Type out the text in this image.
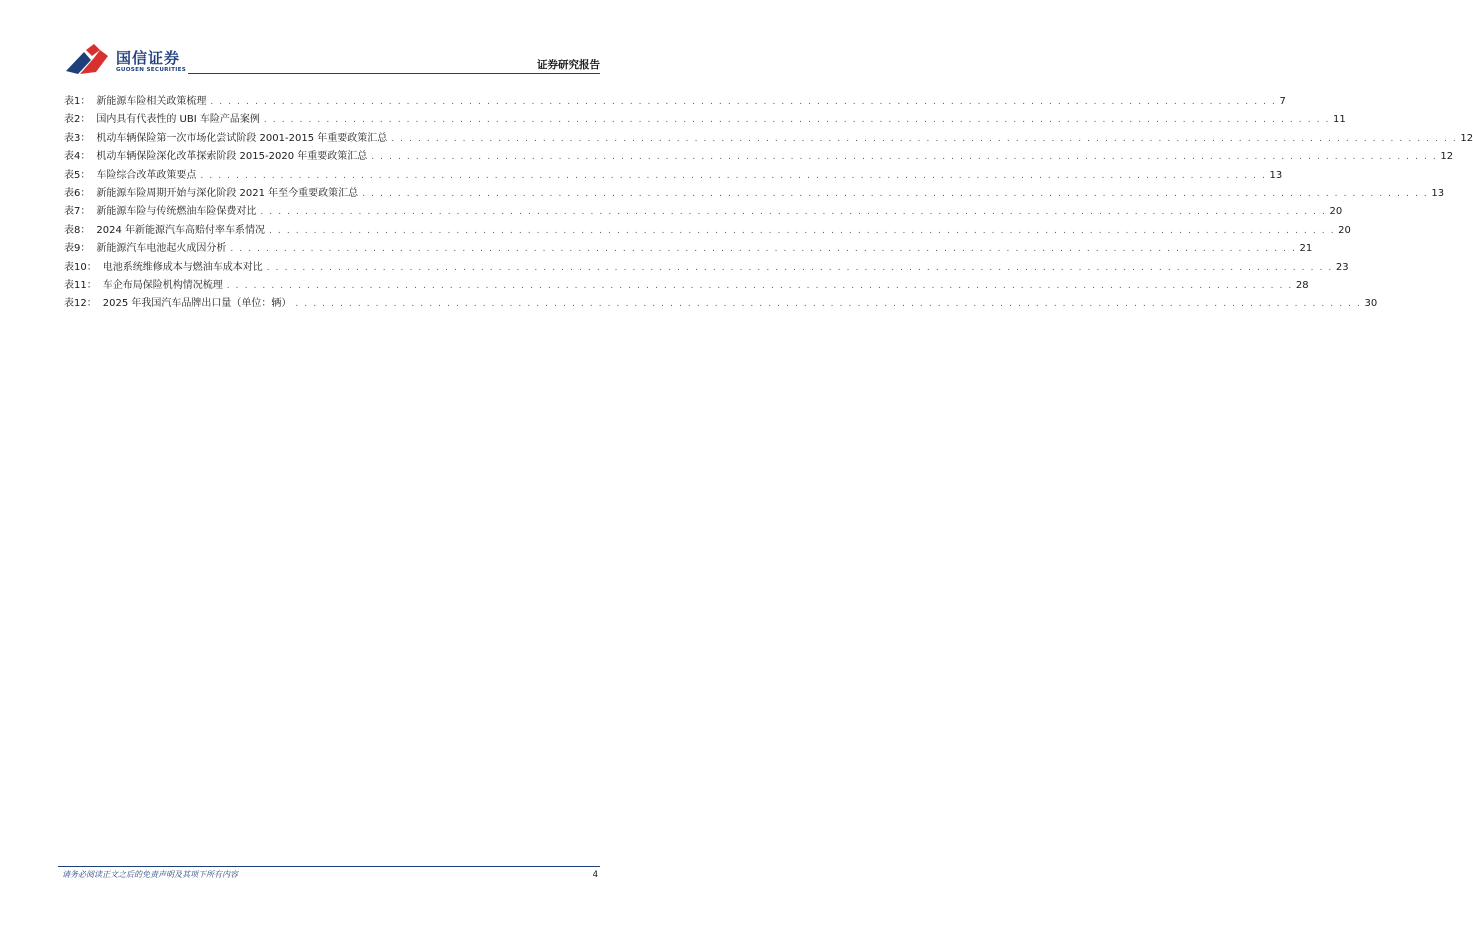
国信证券
GUOSEN SECURITIES	证券研究报告
表1： 新能源车险相关政策梳理 . . . . . . . . . . . . . . . . . . . . . . . . . . . . . . . . . . . . . . . . . . . . . . . . . . . . . . . . . . . . . . . . . . . . . . . . . . . . . . . . . . . . . . . . . . . . . . . . . . . . . . . . . . . . . . . . . . . . . . . . 7
表2： 国内具有代表性的 UBI 车险产品案例 . . . . . . . . . . . . . . . . . . . . . . . . . . . . . . . . . . . . . . . . . . . . . . . . . . . . . . . . . . . . . . . . . . . . . . . . . . . . . . . . . . . . . . . . . . . . . . . . . . . . . . . . . . . . . . . . . . . . . . . . 11
表3： 机动车辆保险第一次市场化尝试阶段 2001-2015 年重要政策汇总 . . . . . . . . . . . . . . . . . . . . . . . . . . . . . . . . . . . . . . . . . . . . . . . . . . . . . . . . . . . . . . . . . . . . . . . . . . . . . . . . . . . . . . . . . . . . . . . . . . . . . . . . . . . . . . . . . . . . . . . . 12
表4： 机动车辆保险深化改革探索阶段 2015-2020 年重要政策汇总 . . . . . . . . . . . . . . . . . . . . . . . . . . . . . . . . . . . . . . . . . . . . . . . . . . . . . . . . . . . . . . . . . . . . . . . . . . . . . . . . . . . . . . . . . . . . . . . . . . . . . . . . . . . . . . . . . . . . . . . . 12
表5： 车险综合改革政策要点 . . . . . . . . . . . . . . . . . . . . . . . . . . . . . . . . . . . . . . . . . . . . . . . . . . . . . . . . . . . . . . . . . . . . . . . . . . . . . . . . . . . . . . . . . . . . . . . . . . . . . . . . . . . . . . . . . . . . . . . . 13
表6： 新能源车险周期开始与深化阶段 2021 年至今重要政策汇总 . . . . . . . . . . . . . . . . . . . . . . . . . . . . . . . . . . . . . . . . . . . . . . . . . . . . . . . . . . . . . . . . . . . . . . . . . . . . . . . . . . . . . . . . . . . . . . . . . . . . . . . . . . . . . . . . . . . . . . . . 13
表7： 新能源车险与传统燃油车险保费对比 . . . . . . . . . . . . . . . . . . . . . . . . . . . . . . . . . . . . . . . . . . . . . . . . . . . . . . . . . . . . . . . . . . . . . . . . . . . . . . . . . . . . . . . . . . . . . . . . . . . . . . . . . . . . . . . . . . . . . . . . 20
表8： 2024 年新能源汽车高赔付率车系情况 . . . . . . . . . . . . . . . . . . . . . . . . . . . . . . . . . . . . . . . . . . . . . . . . . . . . . . . . . . . . . . . . . . . . . . . . . . . . . . . . . . . . . . . . . . . . . . . . . . . . . . . . . . . . . . . . . . . . . . . . 20
表9： 新能源汽车电池起火成因分析 . . . . . . . . . . . . . . . . . . . . . . . . . . . . . . . . . . . . . . . . . . . . . . . . . . . . . . . . . . . . . . . . . . . . . . . . . . . . . . . . . . . . . . . . . . . . . . . . . . . . . . . . . . . . . . . . . . . . . . . . 21
表10： 电池系统维修成本与燃油车成本对比 . . . . . . . . . . . . . . . . . . . . . . . . . . . . . . . . . . . . . . . . . . . . . . . . . . . . . . . . . . . . . . . . . . . . . . . . . . . . . . . . . . . . . . . . . . . . . . . . . . . . . . . . . . . . . . . . . . . . . . . . 23
表11： 车企布局保险机构情况梳理 . . . . . . . . . . . . . . . . . . . . . . . . . . . . . . . . . . . . . . . . . . . . . . . . . . . . . . . . . . . . . . . . . . . . . . . . . . . . . . . . . . . . . . . . . . . . . . . . . . . . . . . . . . . . . . . . . . . . . . . . 28
表12： 2025 年我国汽车品牌出口量（单位：辆） . . . . . . . . . . . . . . . . . . . . . . . . . . . . . . . . . . . . . . . . . . . . . . . . . . . . . . . . . . . . . . . . . . . . . . . . . . . . . . . . . . . . . . . . . . . . . . . . . . . . . . . . . . . . . . . . . . . . . . . . 30
请务必阅读正文之后的免责声明及其项下所有内容	4
